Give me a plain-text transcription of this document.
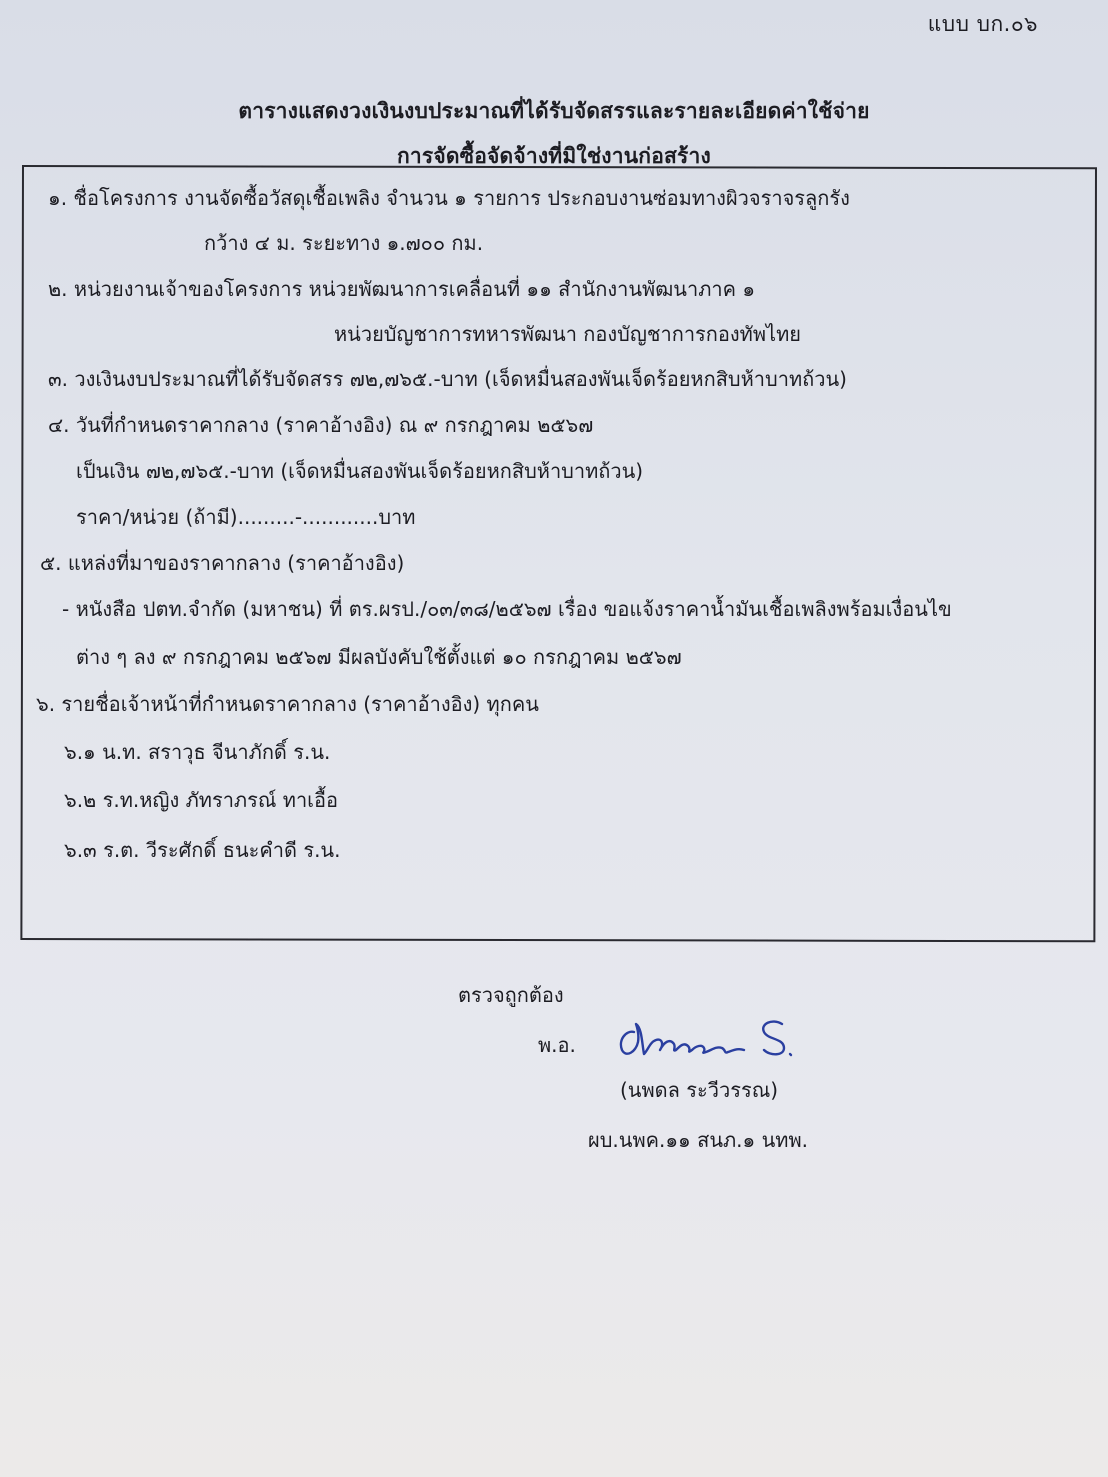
แบบ บก.๐๖
ตารางแสดงวงเงินงบประมาณที่ได้รับจัดสรรและรายละเอียดค่าใช้จ่าย
การจัดซื้อจัดจ้างที่มิใช่งานก่อสร้าง
๑. ชื่อโครงการ งานจัดซื้อวัสดุเชื้อเพลิง จำนวน ๑ รายการ ประกอบงานซ่อมทางผิวจราจรลูกรัง
กว้าง ๔ ม. ระยะทาง ๑.๗๐๐ กม.
๒. หน่วยงานเจ้าของโครงการ หน่วยพัฒนาการเคลื่อนที่ ๑๑ สำนักงานพัฒนาภาค ๑
หน่วยบัญชาการทหารพัฒนา กองบัญชาการกองทัพไทย
๓. วงเงินงบประมาณที่ได้รับจัดสรร ๗๒,๗๖๕.-บาท (เจ็ดหมื่นสองพันเจ็ดร้อยหกสิบห้าบาทถ้วน)
๔. วันที่กำหนดราคากลาง (ราคาอ้างอิง) ณ ๙ กรกฎาคม ๒๕๖๗
เป็นเงิน ๗๒,๗๖๕.-บาท (เจ็ดหมื่นสองพันเจ็ดร้อยหกสิบห้าบาทถ้วน)
ราคา/หน่วย (ถ้ามี).........-............บาท
๕. แหล่งที่มาของราคากลาง (ราคาอ้างอิง)
- หนังสือ ปตท.จำกัด (มหาชน) ที่ ตร.ผรป./๐๓/๓๘/๒๕๖๗ เรื่อง ขอแจ้งราคาน้ำมันเชื้อเพลิงพร้อมเงื่อนไข
ต่าง ๆ ลง ๙ กรกฎาคม ๒๕๖๗ มีผลบังคับใช้ตั้งแต่ ๑๐ กรกฎาคม ๒๕๖๗
๖. รายชื่อเจ้าหน้าที่กำหนดราคากลาง (ราคาอ้างอิง) ทุกคน
๖.๑ น.ท. สราวุธ จีนาภักดิ์ ร.น.
๖.๒ ร.ท.หญิง ภัทราภรณ์ ทาเอื้อ
๖.๓ ร.ต. วีระศักดิ์ ธนะคำดี ร.น.
ตรวจถูกต้อง
พ.อ.
(นพดล ระวีวรรณ)
ผบ.นพค.๑๑ สนภ.๑ นทพ.
